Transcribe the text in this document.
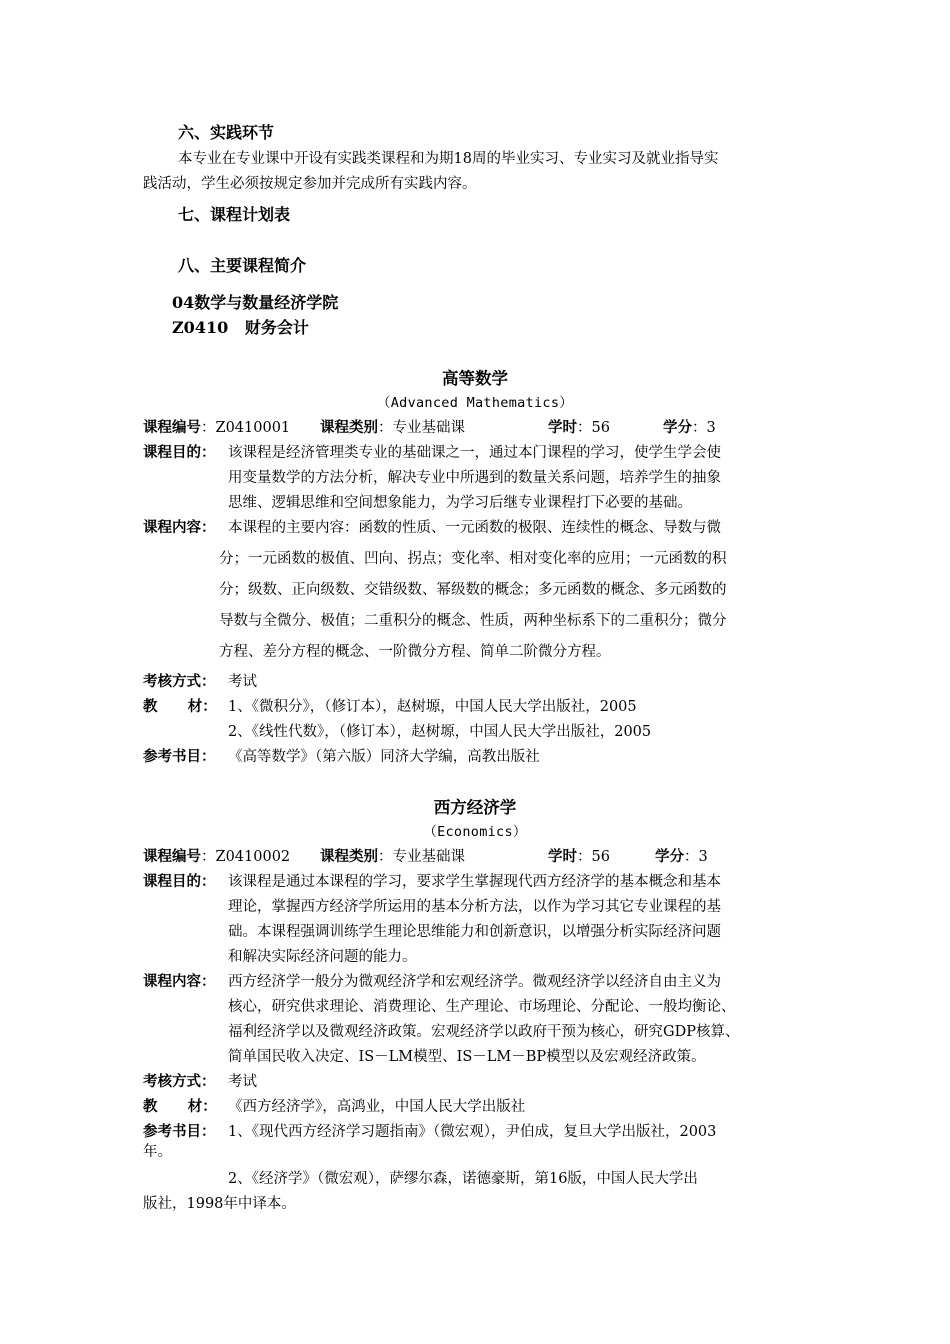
六、实践环节
本专业在专业课中开设有实践类课程和为期18周的毕业实习、专业实习及就业指导实
践活动，学生必须按规定参加并完成所有实践内容。
七、课程计划表
八、主要课程简介
04数学与数量经济学院
Z0410   财务会计
高等数学
（Advanced Mathematics）
课程编号：Z0410001 课程类别：专业基础课	学时：56	学分：3
课程目的： 该课程是经济管理类专业的基础课之一，通过本门课程的学习，使学生学会使
用变量数学的方法分析，解决专业中所遇到的数量关系问题，培养学生的抽象
思维、逻辑思维和空间想象能力，为学习后继专业课程打下必要的基础。
课程内容： 本课程的主要内容：函数的性质、一元函数的极限、连续性的概念、导数与微
分；一元函数的极值、凹向、拐点；变化率、相对变化率的应用；一元函数的积
分；级数、正向级数、交错级数、幂级数的概念；多元函数的概念、多元函数的
导数与全微分、极值；二重积分的概念、性质，两种坐标系下的二重积分；微分
方程、差分方程的概念、一阶微分方程、简单二阶微分方程。
考核方式： 考试
教      材： 1、《微积分》，（修订本），赵树塬，中国人民大学出版社，2005
2、《线性代数》，（修订本），赵树塬，中国人民大学出版社，2005
参考书目： 《高等数学》（第六版）同济大学编，高教出版社
西方经济学
（Economics）
课程编号：Z0410002 课程类别：专业基础课	学时：56	学分：3
课程目的： 该课程是通过本课程的学习，要求学生掌握现代西方经济学的基本概念和基本
理论，掌握西方经济学所运用的基本分析方法，以作为学习其它专业课程的基
础。本课程强调训练学生理论思维能力和创新意识，以增强分析实际经济问题
和解决实际经济问题的能力。
课程内容： 西方经济学一般分为微观经济学和宏观经济学。微观经济学以经济自由主义为
核心，研究供求理论、消费理论、生产理论、市场理论、分配论、一般均衡论、
福利经济学以及微观经济政策。宏观经济学以政府干预为核心，研究GDP核算、
简单国民收入决定、IS－LM模型、IS－LM－BP模型以及宏观经济政策。
考核方式： 考试
教      材： 《西方经济学》，高鸿业，中国人民大学出版社
参考书目： 1、《现代西方经济学习题指南》（微宏观），尹伯成，复旦大学出版社，2003
年。
2、《经济学》（微宏观），萨缪尔森，诺德豪斯，第16版，中国人民大学出
版社，1998年中译本。
